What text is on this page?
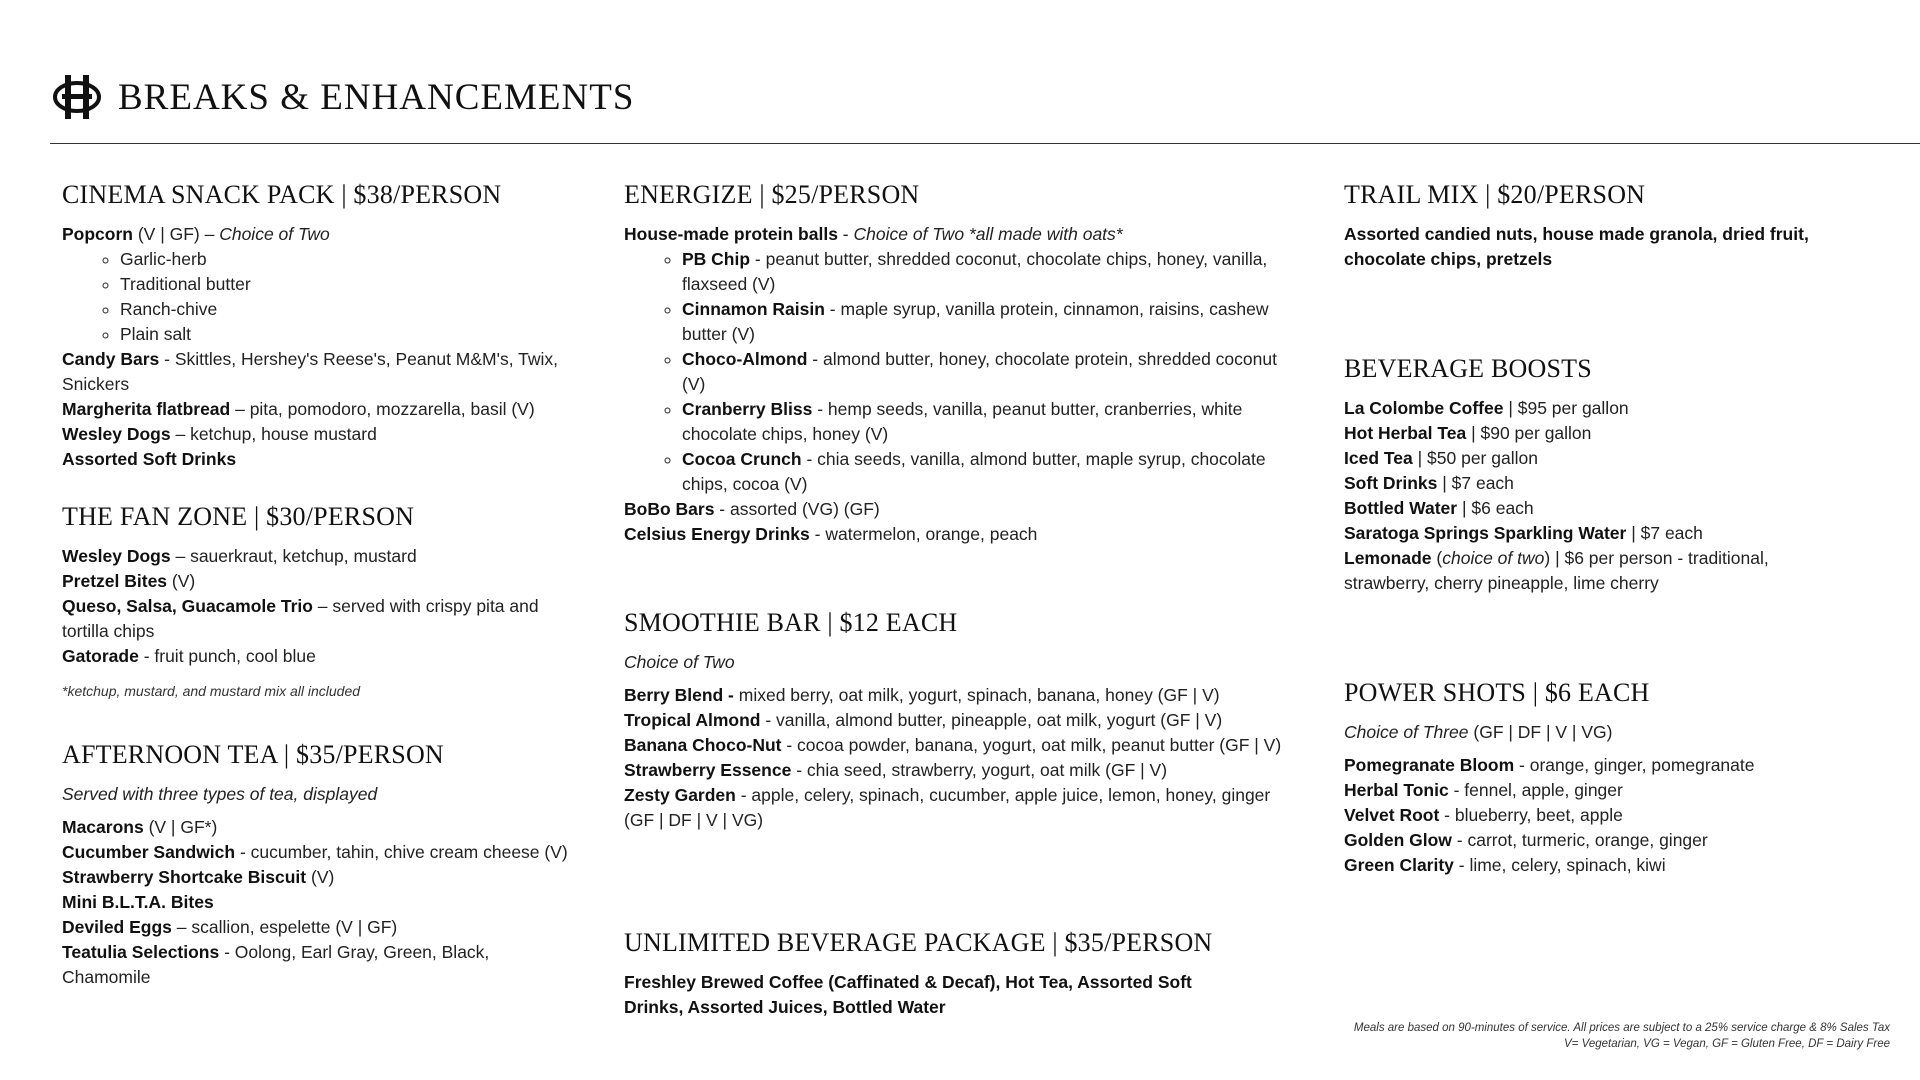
BREAKS & ENHANCEMENTS
CINEMA SNACK PACK | $38/PERSON
Popcorn (V | GF) – Choice of Two
◦ Garlic-herb
◦ Traditional butter
◦ Ranch-chive
◦ Plain salt
Candy Bars - Skittles, Hershey's Reese's, Peanut M&M's, Twix, Snickers
Margherita flatbread – pita, pomodoro, mozzarella, basil (V)
Wesley Dogs – ketchup, house mustard
Assorted Soft Drinks
THE FAN ZONE | $30/PERSON
Wesley Dogs – sauerkraut, ketchup, mustard
Pretzel Bites (V)
Queso, Salsa, Guacamole Trio – served with crispy pita and tortilla chips
Gatorade - fruit punch, cool blue
*ketchup, mustard, and mustard mix all included
AFTERNOON TEA | $35/PERSON
Served with three types of tea, displayed
Macarons (V | GF*)
Cucumber Sandwich - cucumber, tahin, chive cream cheese (V)
Strawberry Shortcake Biscuit (V)
Mini B.L.T.A. Bites
Deviled Eggs – scallion, espelette (V | GF)
Teatulia Selections - Oolong, Earl Gray, Green, Black, Chamomile
ENERGIZE | $25/PERSON
House-made protein balls - Choice of Two *all made with oats*
◦ PB Chip - peanut butter, shredded coconut, chocolate chips, honey, vanilla, flaxseed (V)
◦ Cinnamon Raisin - maple syrup, vanilla protein, cinnamon, raisins, cashew butter (V)
◦ Choco-Almond - almond butter, honey, chocolate protein, shredded coconut (V)
◦ Cranberry Bliss - hemp seeds, vanilla, peanut butter, cranberries, white chocolate chips, honey (V)
◦ Cocoa Crunch - chia seeds, vanilla, almond butter, maple syrup, chocolate chips, cocoa (V)
BoBo Bars - assorted (VG) (GF)
Celsius Energy Drinks - watermelon, orange, peach
SMOOTHIE BAR | $12 EACH
Choice of Two
Berry Blend - mixed berry, oat milk, yogurt, spinach, banana, honey (GF | V)
Tropical Almond - vanilla, almond butter, pineapple, oat milk, yogurt (GF | V)
Banana Choco-Nut - cocoa powder, banana, yogurt, oat milk, peanut butter (GF | V)
Strawberry Essence - chia seed, strawberry, yogurt, oat milk (GF | V)
Zesty Garden - apple, celery, spinach, cucumber, apple juice, lemon, honey, ginger (GF | DF | V | VG)
UNLIMITED BEVERAGE PACKAGE | $35/PERSON
Freshley Brewed Coffee (Caffinated & Decaf), Hot Tea, Assorted Soft Drinks, Assorted Juices, Bottled Water
TRAIL MIX | $20/PERSON
Assorted candied nuts, house made granola, dried fruit, chocolate chips, pretzels
BEVERAGE BOOSTS
La Colombe Coffee | $95 per gallon
Hot Herbal Tea | $90 per gallon
Iced Tea | $50 per gallon
Soft Drinks | $7 each
Bottled Water | $6 each
Saratoga Springs Sparkling Water | $7 each
Lemonade (choice of two) | $6 per person - traditional, strawberry, cherry pineapple, lime cherry
POWER SHOTS | $6 EACH
Choice of Three (GF | DF | V | VG)
Pomegranate Bloom - orange, ginger, pomegranate
Herbal Tonic - fennel, apple, ginger
Velvet Root - blueberry, beet, apple
Golden Glow - carrot, turmeric, orange, ginger
Green Clarity - lime, celery, spinach, kiwi
Meals are based on 90-minutes of service. All prices are subject to a 25% service charge & 8% Sales Tax
V= Vegetarian, VG = Vegan, GF = Gluten Free, DF = Dairy Free
